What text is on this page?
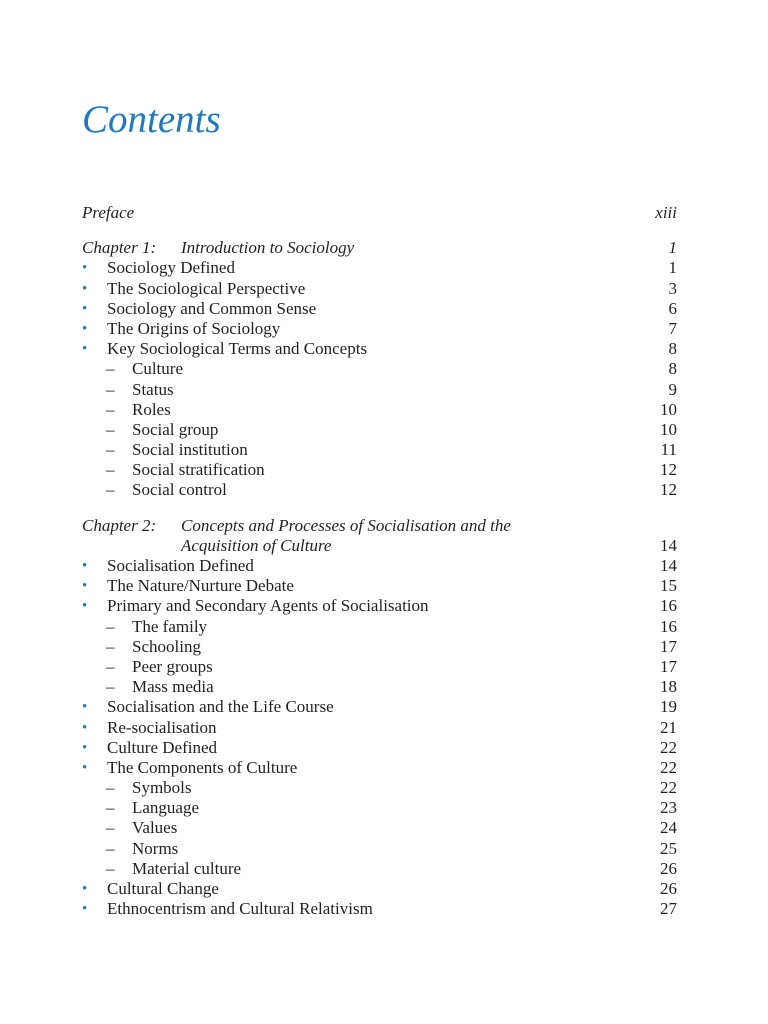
Contents
Preface	xiii
Chapter 1: Introduction to Sociology	1
• Sociology Defined	1
• The Sociological Perspective	3
• Sociology and Common Sense	6
• The Origins of Sociology	7
• Key Sociological Terms and Concepts	8
– Culture	8
– Status	9
– Roles	10
– Social group	10
– Social institution	11
– Social stratification	12
– Social control	12
Chapter 2: Concepts and Processes of Socialisation and the
Acquisition of Culture	14
• Socialisation Defined	14
• The Nature/Nurture Debate	15
• Primary and Secondary Agents of Socialisation	16
– The family	16
– Schooling	17
– Peer groups	17
– Mass media	18
• Socialisation and the Life Course	19
• Re-socialisation	21
• Culture Defined	22
• The Components of Culture	22
– Symbols	22
– Language	23
– Values	24
– Norms	25
– Material culture	26
• Cultural Change	26
• Ethnocentrism and Cultural Relativism	27
